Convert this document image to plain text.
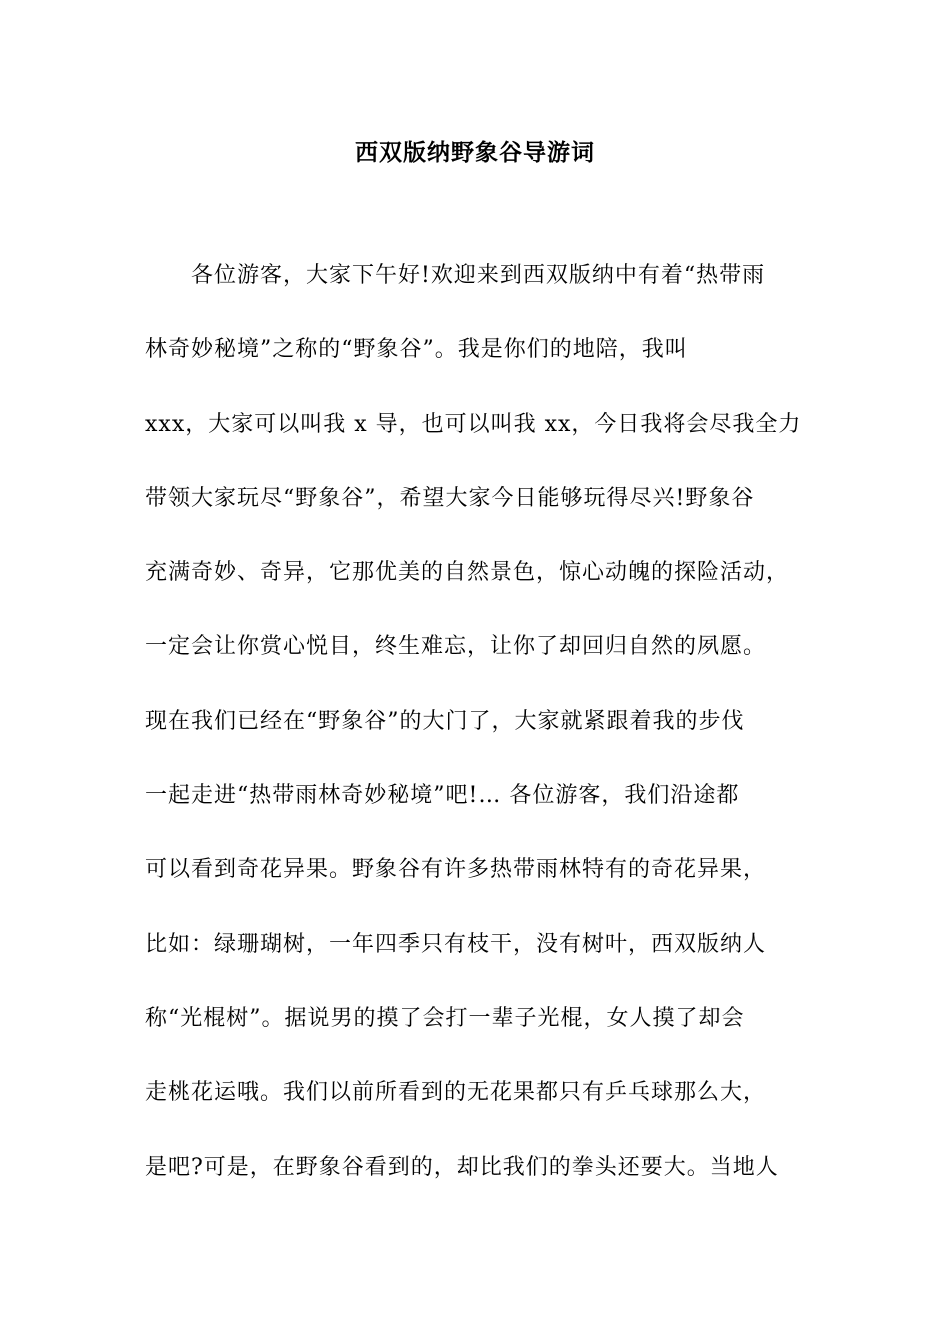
西双版纳野象谷导游词
各位游客，大家下午好!欢迎来到西双版纳中有着“热带雨
林奇妙秘境”之称的“野象谷”。我是你们的地陪，我叫
xxx，大家可以叫我 x 导，也可以叫我 xx，今日我将会尽我全力
带领大家玩尽“野象谷”，希望大家今日能够玩得尽兴!野象谷
充满奇妙、奇异，它那优美的自然景色，惊心动魄的探险活动，
一定会让你赏心悦目，终生难忘，让你了却回归自然的夙愿。
现在我们已经在“野象谷”的大门了，大家就紧跟着我的步伐
一起走进“热带雨林奇妙秘境”吧!… 各位游客，我们沿途都
可以看到奇花异果。野象谷有许多热带雨林特有的奇花异果，
比如：绿珊瑚树，一年四季只有枝干，没有树叶，西双版纳人
称“光棍树”。据说男的摸了会打一辈子光棍，女人摸了却会
走桃花运哦。我们以前所看到的无花果都只有乒乓球那么大，
是吧?可是，在野象谷看到的，却比我们的拳头还要大。当地人
